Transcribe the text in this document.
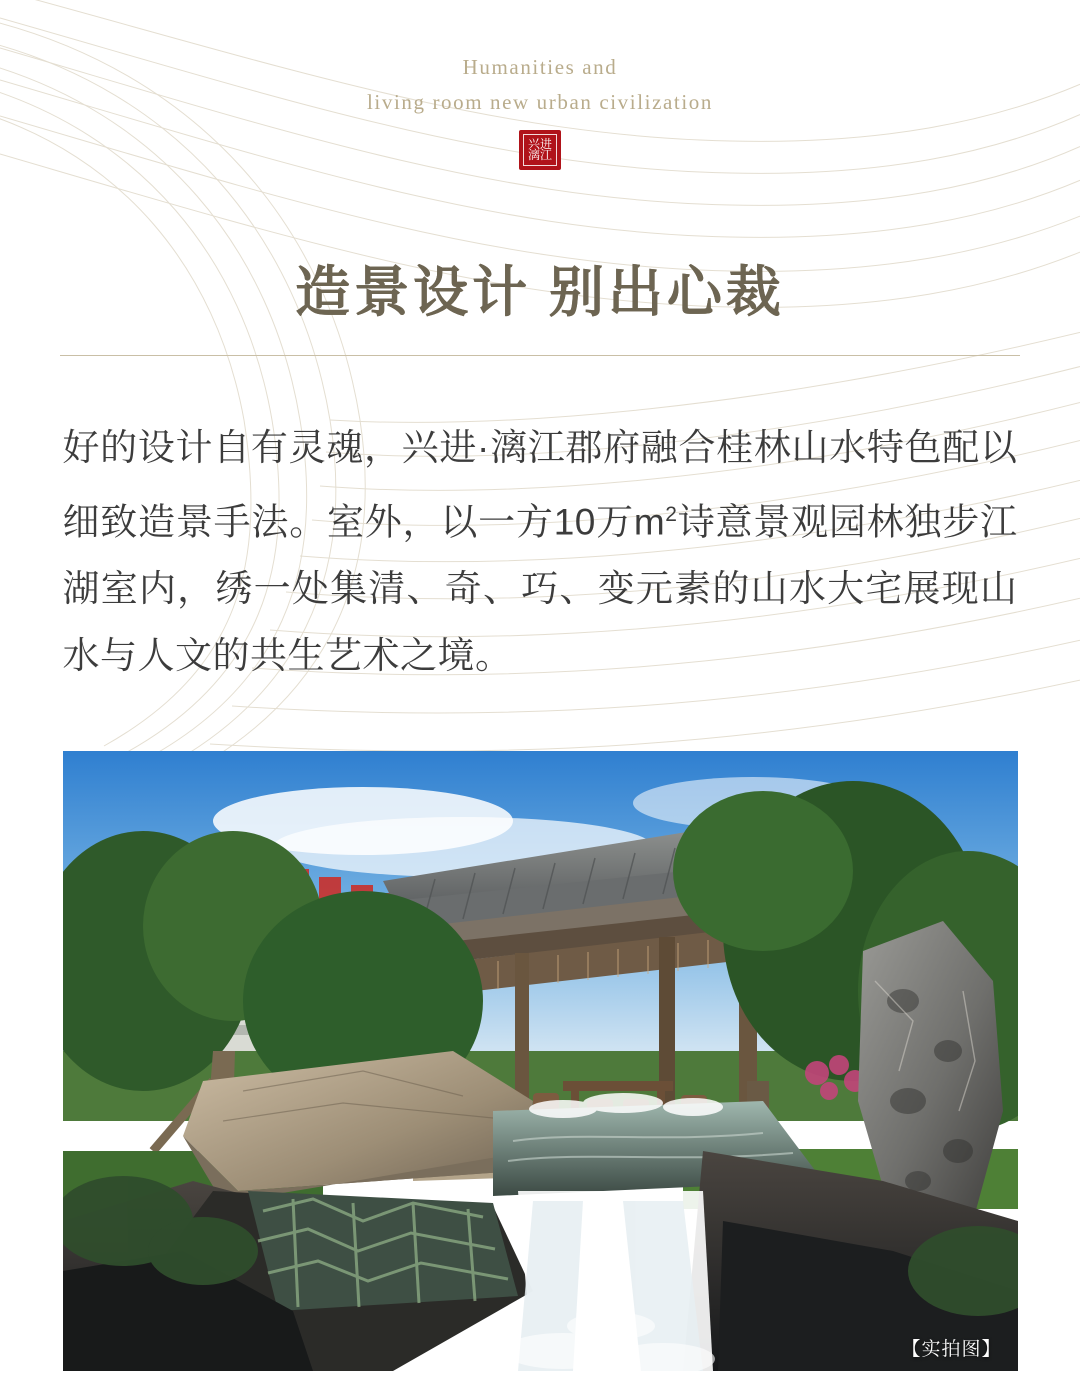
Humanities and
living room new urban civilization
兴进
漓江
造景设计 别出心裁
好的设计自有灵魂，兴进·漓江郡府融合桂林山水特色配以细致造景手法。室外，以一方10万$m^2$诗意景观园林独步江湖室内，绣一处集清、奇、巧、变元素的山水大宅展现山水与人文的共生艺术之境。
【实拍图】
